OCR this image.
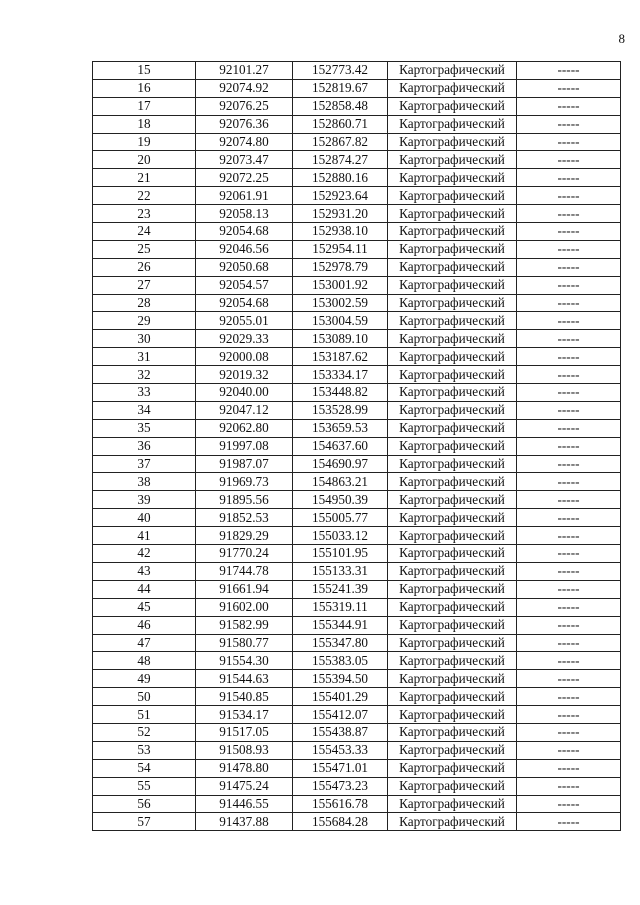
8
15	92101.27	152773.42	Картографический	-----
16	92074.92	152819.67	Картографический	-----
17	92076.25	152858.48	Картографический	-----
18	92076.36	152860.71	Картографический	-----
19	92074.80	152867.82	Картографический	-----
20	92073.47	152874.27	Картографический	-----
21	92072.25	152880.16	Картографический	-----
22	92061.91	152923.64	Картографический	-----
23	92058.13	152931.20	Картографический	-----
24	92054.68	152938.10	Картографический	-----
25	92046.56	152954.11	Картографический	-----
26	92050.68	152978.79	Картографический	-----
27	92054.57	153001.92	Картографический	-----
28	92054.68	153002.59	Картографический	-----
29	92055.01	153004.59	Картографический	-----
30	92029.33	153089.10	Картографический	-----
31	92000.08	153187.62	Картографический	-----
32	92019.32	153334.17	Картографический	-----
33	92040.00	153448.82	Картографический	-----
34	92047.12	153528.99	Картографический	-----
35	92062.80	153659.53	Картографический	-----
36	91997.08	154637.60	Картографический	-----
37	91987.07	154690.97	Картографический	-----
38	91969.73	154863.21	Картографический	-----
39	91895.56	154950.39	Картографический	-----
40	91852.53	155005.77	Картографический	-----
41	91829.29	155033.12	Картографический	-----
42	91770.24	155101.95	Картографический	-----
43	91744.78	155133.31	Картографический	-----
44	91661.94	155241.39	Картографический	-----
45	91602.00	155319.11	Картографический	-----
46	91582.99	155344.91	Картографический	-----
47	91580.77	155347.80	Картографический	-----
48	91554.30	155383.05	Картографический	-----
49	91544.63	155394.50	Картографический	-----
50	91540.85	155401.29	Картографический	-----
51	91534.17	155412.07	Картографический	-----
52	91517.05	155438.87	Картографический	-----
53	91508.93	155453.33	Картографический	-----
54	91478.80	155471.01	Картографический	-----
55	91475.24	155473.23	Картографический	-----
56	91446.55	155616.78	Картографический	-----
57	91437.88	155684.28	Картографический	-----
